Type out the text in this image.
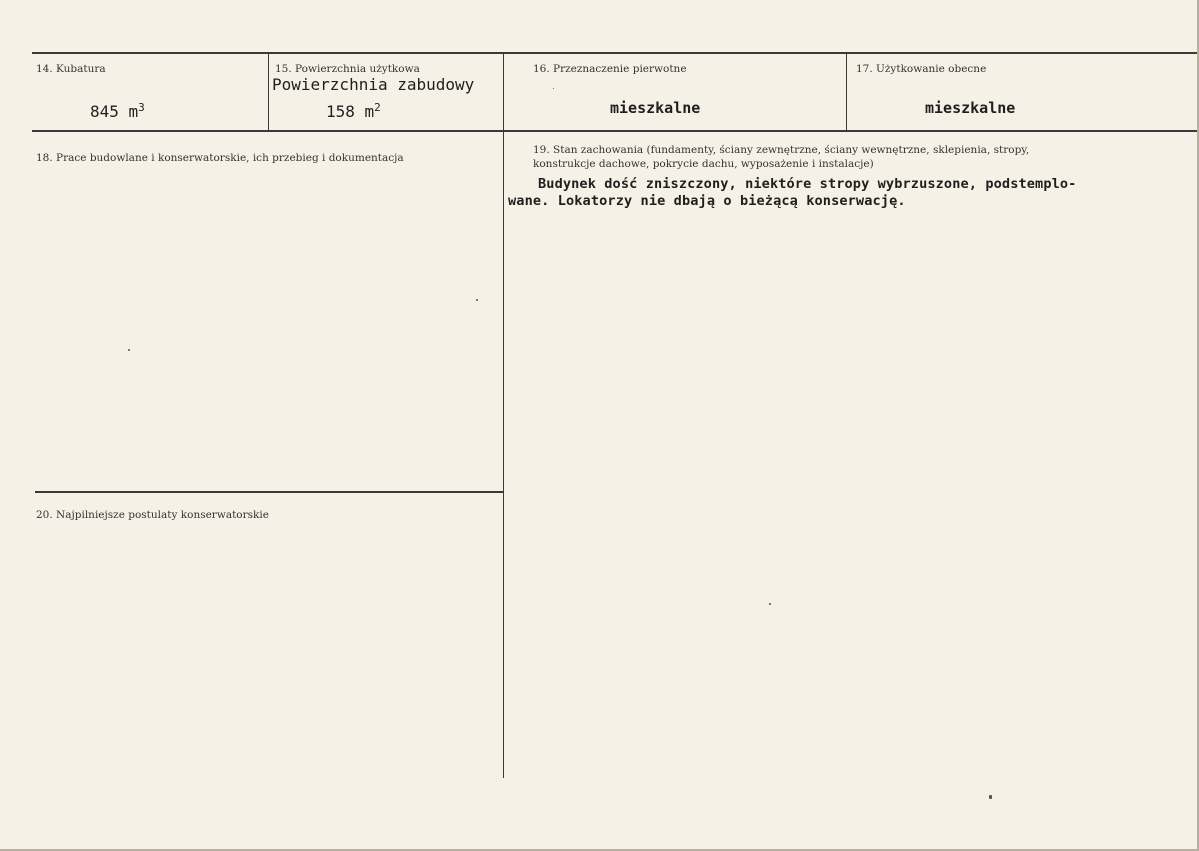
14. Kubatura
845 $m^3$
15. Powierzchnia użytkowa
Powierzchnia zabudowy
158 $m^2$
16. Przeznaczenie pierwotne
mieszkalne
17. Użytkowanie obecne
mieszkalne
18. Prace budowlane i konserwatorskie, ich przebieg i dokumentacja
19. Stan zachowania (fundamenty, ściany zewnętrzne, ściany wewnętrzne, sklepienia, stropy,
konstrukcje dachowe, pokrycie dachu, wyposażenie i instalacje)
Budynek dość zniszczony, niektóre stropy wybrzuszone, podstemplo-
wane. Lokatorzy nie dbają o bieżącą konserwację.
20. Najpilniejsze postulaty konserwatorskie
